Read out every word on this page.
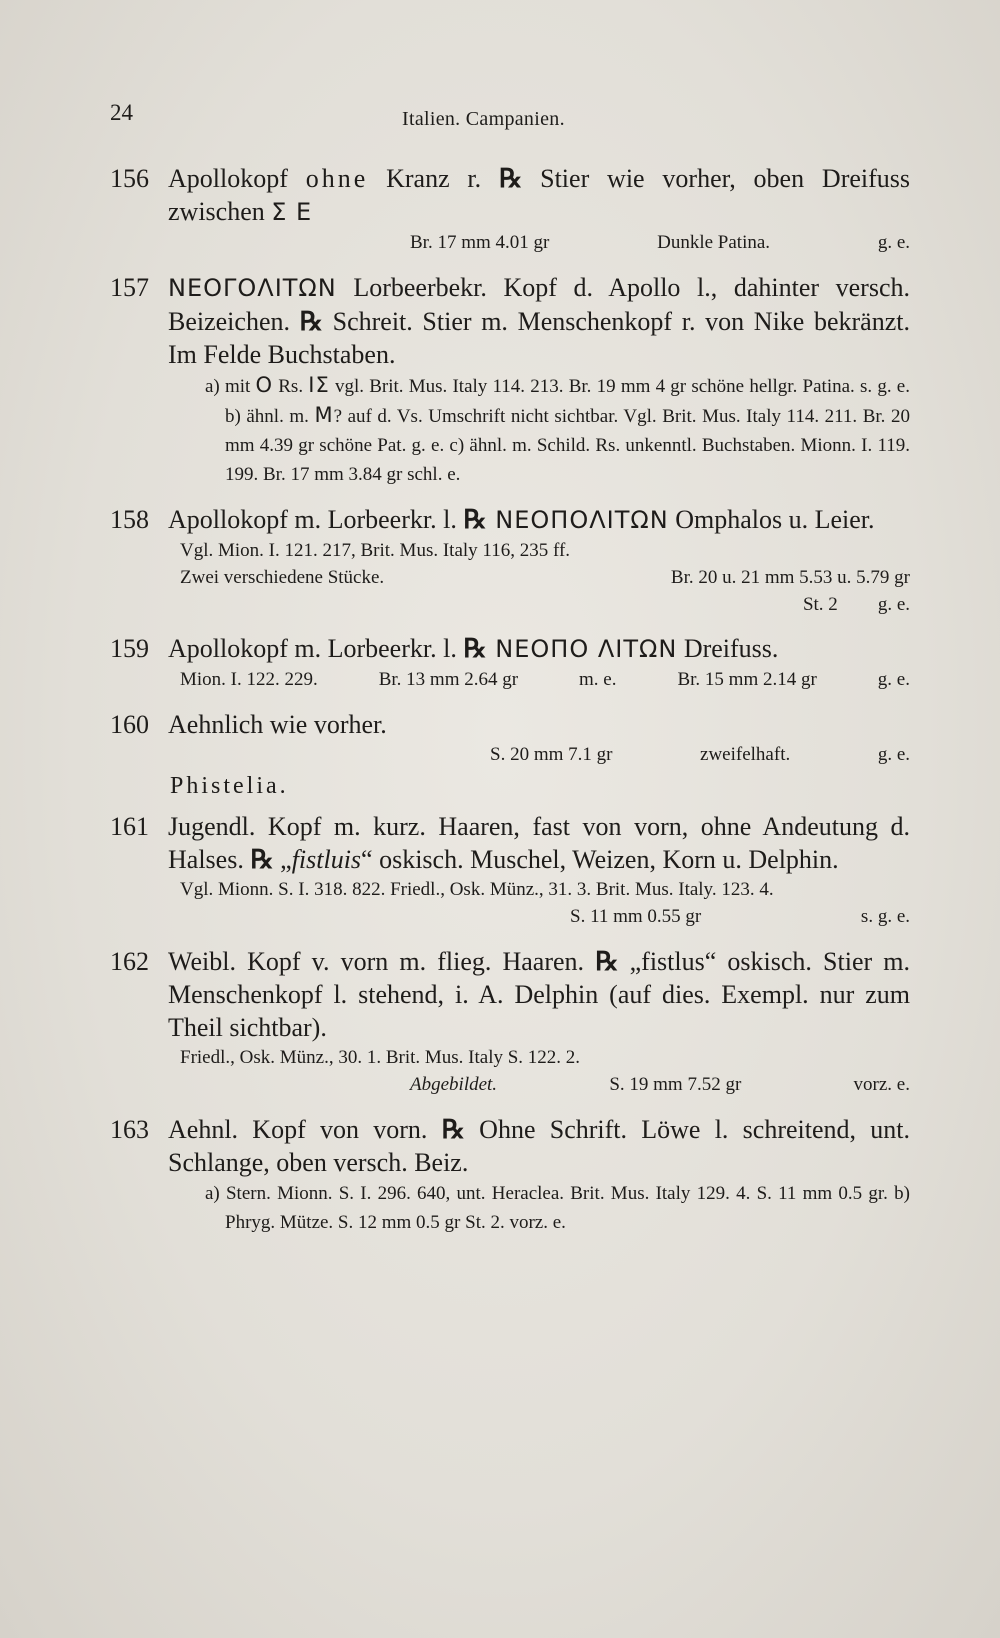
24	Italien. Campanien.
156 Apollokopf ohne Kranz r. ℞ Stier wie vorher, oben Dreifuss zwischen Σ E
Br. 17 mm 4.01 gr	Dunkle Patina.	g. e.
157 NEOΓOΛITΩN Lorbeerbekr. Kopf d. Apollo l., dahinter versch. Beizeichen. ℞ Schreit. Stier m. Menschenkopf r. von Nike bekränzt. Im Felde Buchstaben.
a) mit O Rs. IΣ vgl. Brit. Mus. Italy 114. 213. Br. 19 mm 4 gr schöne hellgr. Patina. s. g. e. b) ähnl. m. M? auf d. Vs. Umschrift nicht sichtbar. Vgl. Brit. Mus. Italy 114. 211. Br. 20 mm 4.39 gr schöne Pat. g. e. c) ähnl. m. Schild. Rs. unkenntl. Buchstaben. Mionn. I. 119. 199. Br. 17 mm 3.84 gr schl. e.
158 Apollokopf m. Lorbeerkr. l. ℞ NEOΠOΛITΩN Omphalos u. Leier.
Vgl. Mion. I. 121. 217, Brit. Mus. Italy 116, 235 ff.
Zwei verschiedene Stücke.	Br. 20 u. 21 mm 5.53 u. 5.79 gr
St. 2 g. e.
159 Apollokopf m. Lorbeerkr. l. ℞ NEOΠO ΛITΩN Dreifuss.
Mion. I. 122. 229.	Br. 13 mm 2.64 gr	m. e.	Br. 15 mm 2.14 gr	g. e.
160 Aehnlich wie vorher.
S. 20 mm 7.1 gr	zweifelhaft.	g. e.
Phistelia.
161 Jugendl. Kopf m. kurz. Haaren, fast von vorn, ohne Andeutung d. Halses. ℞ „fistluis“ oskisch. Muschel, Weizen, Korn u. Delphin.
Vgl. Mionn. S. I. 318. 822. Friedl., Osk. Münz., 31. 3. Brit. Mus. Italy. 123. 4.
S. 11 mm 0.55 gr	s. g. e.
162 Weibl. Kopf v. vorn m. flieg. Haaren. ℞ „fistlus“ oskisch. Stier m. Menschenkopf l. stehend, i. A. Delphin (auf dies. Exempl. nur zum Theil sichtbar).
Friedl., Osk. Münz., 30. 1. Brit. Mus. Italy S. 122. 2.
Abgebildet.	S. 19 mm 7.52 gr	vorz. e.
163 Aehnl. Kopf von vorn. ℞ Ohne Schrift. Löwe l. schreitend, unt. Schlange, oben versch. Beiz.
a) Stern. Mionn. S. I. 296. 640, unt. Heraclea. Brit. Mus. Italy 129. 4. S. 11 mm 0.5 gr. b) Phryg. Mütze. S. 12 mm 0.5 gr St. 2. vorz. e.
